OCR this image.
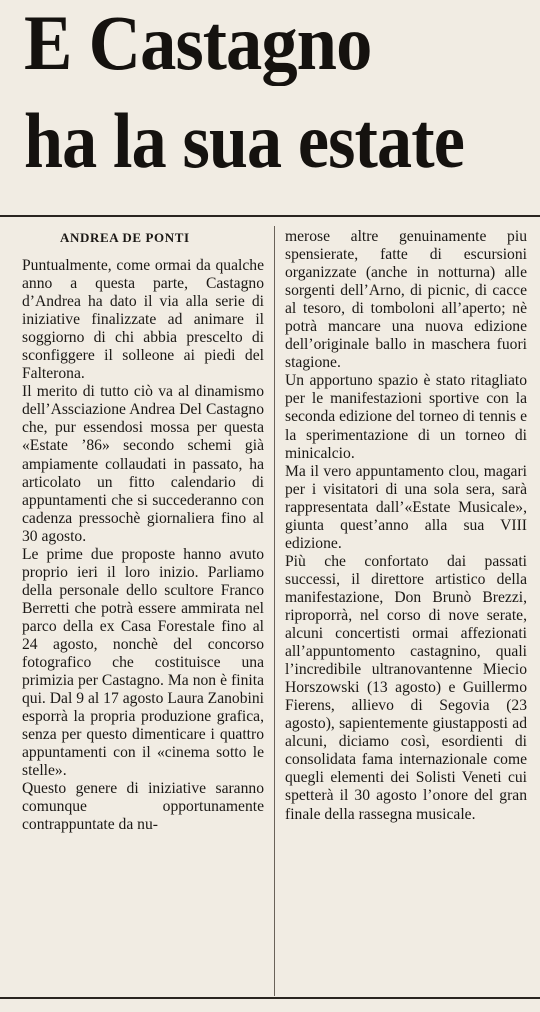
E Castagno
ha la sua estate

ANDREA DE PONTI

Puntualmente, come ormai da qualche anno a questa parte, Castagno d’Andrea ha dato il via alla serie di iniziative finalizzate ad animare il soggiorno di chi abbia prescelto di sconfiggere il solleone ai piedi del Falterona.

Il merito di tutto ciò va al dinamismo dell’Assciazione Andrea Del Castagno che, pur essendosi mossa per questa «Estate ’86» secondo schemi già ampiamente collaudati in passato, ha articolato un fitto calendario di appuntamenti che si succederanno con cadenza pressochè giornaliera fino al 30 agosto.

Le prime due proposte hanno avuto proprio ieri il loro inizio. Parliamo della personale dello scultore Franco Berretti che potrà essere ammirata nel parco della ex Casa Forestale fino al 24 agosto, nonchè del concorso fotografico che costituisce una primizia per Castagno. Ma non è finita qui. Dal 9 al 17 agosto Laura Zanobini esporrà la propria produzione grafica, senza per questo dimenticare i quattro appuntamenti con il «cinema sotto le stelle».

Questo genere di iniziative saranno comunque opportunamente contrappuntate da nu-

merose altre genuinamente piu spensierate, fatte di escursioni organizzate (anche in notturna) alle sorgenti dell’Arno, di picnic, di cacce al tesoro, di tomboloni all’aperto; nè potrà mancare una nuova edizione dell’originale ballo in maschera fuori stagione.

Un apportuno spazio è stato ritagliato per le manifestazioni sportive con la seconda edizione del torneo di tennis e la sperimentazione di un torneo di minicalcio.

Ma il vero appuntamento clou, magari per i visitatori di una sola sera, sarà rappresentata dall’«Estate Musicale», giunta quest’anno alla sua VIII edizione.

Più che confortato dai passati successi, il direttore artistico della manifestazione, Don Brunò Brezzi, riproporrà, nel corso di nove serate, alcuni concertisti ormai affezionati all’appuntomento castagnino, quali l’incredibile ultranovantenne Miecio Horszowski (13 agosto) e Guillermo Fierens, allievo di Segovia (23 agosto), sapientemente giustapposti ad alcuni, diciamo così, esordienti di consolidata fama internazionale come quegli elementi dei Solisti Veneti cui spetterà il 30 agosto l’onore del gran finale della rassegna musicale.
